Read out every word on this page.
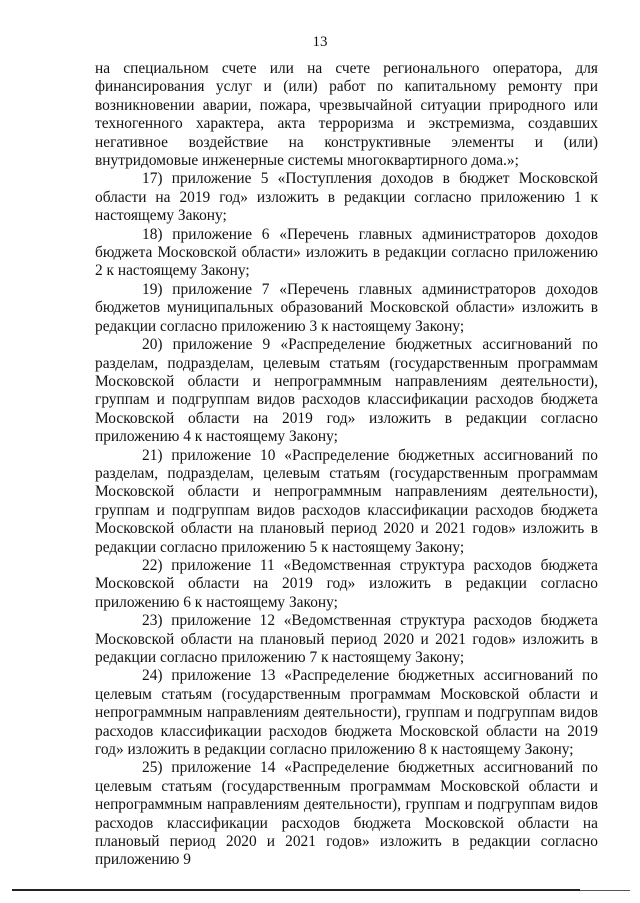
13

на специальном счете или на счете регионального оператора, для финансирования услуг и (или) работ по капитальному ремонту при возникновении аварии, пожара, чрезвычайной ситуации природного или техногенного характера, акта терроризма и экстремизма, создавших негативное воздействие на конструктивные элементы и (или) внутридомовые инженерные системы многоквартирного дома.»;

17) приложение 5 «Поступления доходов в бюджет Московской области на 2019 год» изложить в редакции согласно приложению 1 к настоящему Закону;

18) приложение 6 «Перечень главных администраторов доходов бюджета Московской области» изложить в редакции согласно приложению 2 к настоящему Закону;

19) приложение 7 «Перечень главных администраторов доходов бюджетов муниципальных образований Московской области» изложить в редакции согласно приложению 3 к настоящему Закону;

20) приложение 9 «Распределение бюджетных ассигнований по разделам, подразделам, целевым статьям (государственным программам Московской области и непрограммным направлениям деятельности), группам и подгруппам видов расходов классификации расходов бюджета Московской области на 2019 год» изложить в редакции согласно приложению 4 к настоящему Закону;

21) приложение 10 «Распределение бюджетных ассигнований по разделам, подразделам, целевым статьям (государственным программам Московской области и непрограммным направлениям деятельности), группам и подгруппам видов расходов классификации расходов бюджета Московской области на плановый период 2020 и 2021 годов» изложить в редакции согласно приложению 5 к настоящему Закону;

22) приложение 11 «Ведомственная структура расходов бюджета Московской области на 2019 год» изложить в редакции согласно приложению 6 к настоящему Закону;

23) приложение 12 «Ведомственная структура расходов бюджета Московской области на плановый период 2020 и 2021 годов» изложить в редакции согласно приложению 7 к настоящему Закону;

24) приложение 13 «Распределение бюджетных ассигнований по целевым статьям (государственным программам Московской области и непрограммным направлениям деятельности), группам и подгруппам видов расходов классификации расходов бюджета Московской области на 2019 год» изложить в редакции согласно приложению 8 к настоящему Закону;

25) приложение 14 «Распределение бюджетных ассигнований по целевым статьям (государственным программам Московской области и непрограммным направлениям деятельности), группам и подгруппам видов расходов классификации расходов бюджета Московской области на плановый период 2020 и 2021 годов» изложить в редакции согласно приложению 9
